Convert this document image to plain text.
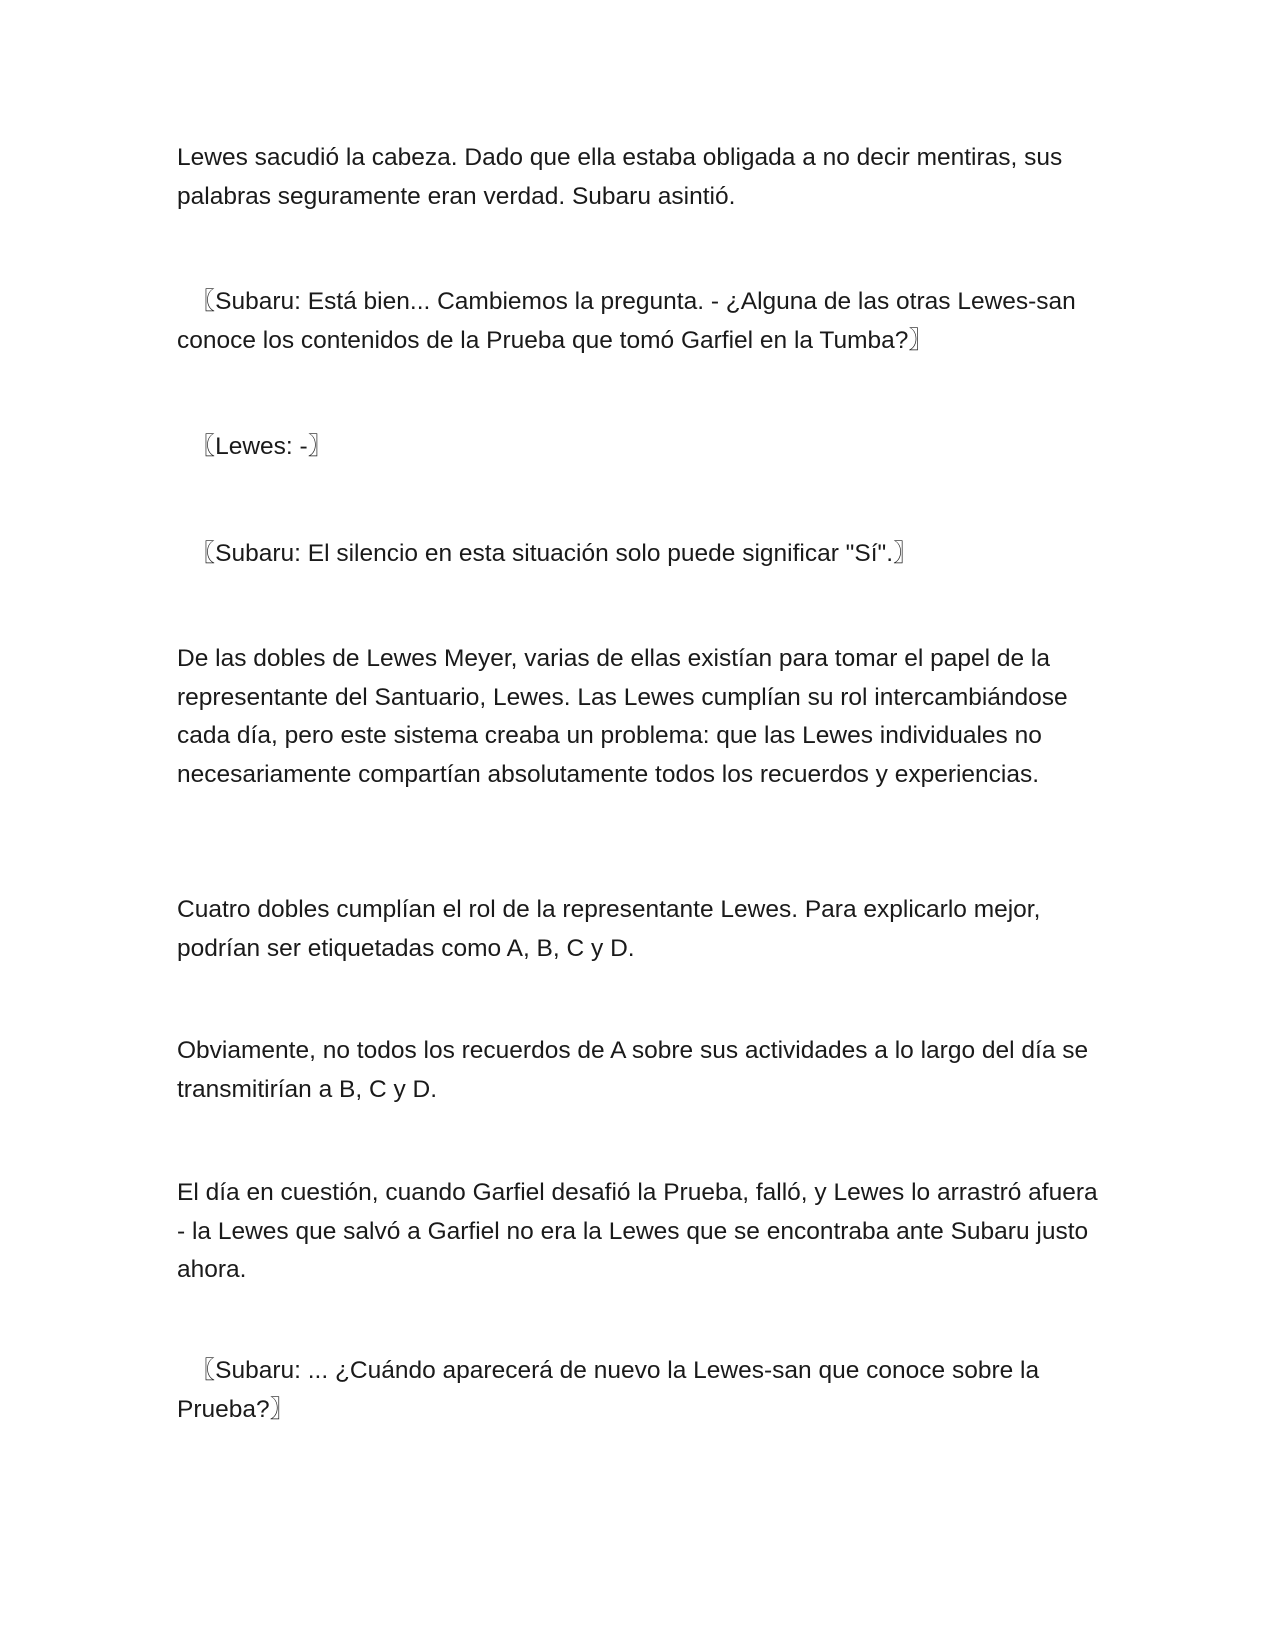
Lewes sacudió la cabeza. Dado que ella estaba obligada a no decir mentiras, sus palabras seguramente eran verdad. Subaru asintió.

〖Subaru: Está bien... Cambiemos la pregunta. - ¿Alguna de las otras Lewes-san conoce los contenidos de la Prueba que tomó Garfiel en la Tumba?〗

〖Lewes: -〗

〖Subaru: El silencio en esta situación solo puede significar "Sí".〗

De las dobles de Lewes Meyer, varias de ellas existían para tomar el papel de la representante del Santuario, Lewes. Las Lewes cumplían su rol intercambiándose cada día, pero este sistema creaba un problema: que las Lewes individuales no necesariamente compartían absolutamente todos los recuerdos y experiencias.

Cuatro dobles cumplían el rol de la representante Lewes. Para explicarlo mejor, podrían ser etiquetadas como A, B, C y D.

Obviamente, no todos los recuerdos de A sobre sus actividades a lo largo del día se transmitirían a B, C y D.

El día en cuestión, cuando Garfiel desafió la Prueba, falló, y Lewes lo arrastró afuera - la Lewes que salvó a Garfiel no era la Lewes que se encontraba ante Subaru justo ahora.

〖Subaru: ... ¿Cuándo aparecerá de nuevo la Lewes-san que conoce sobre la Prueba?〗
